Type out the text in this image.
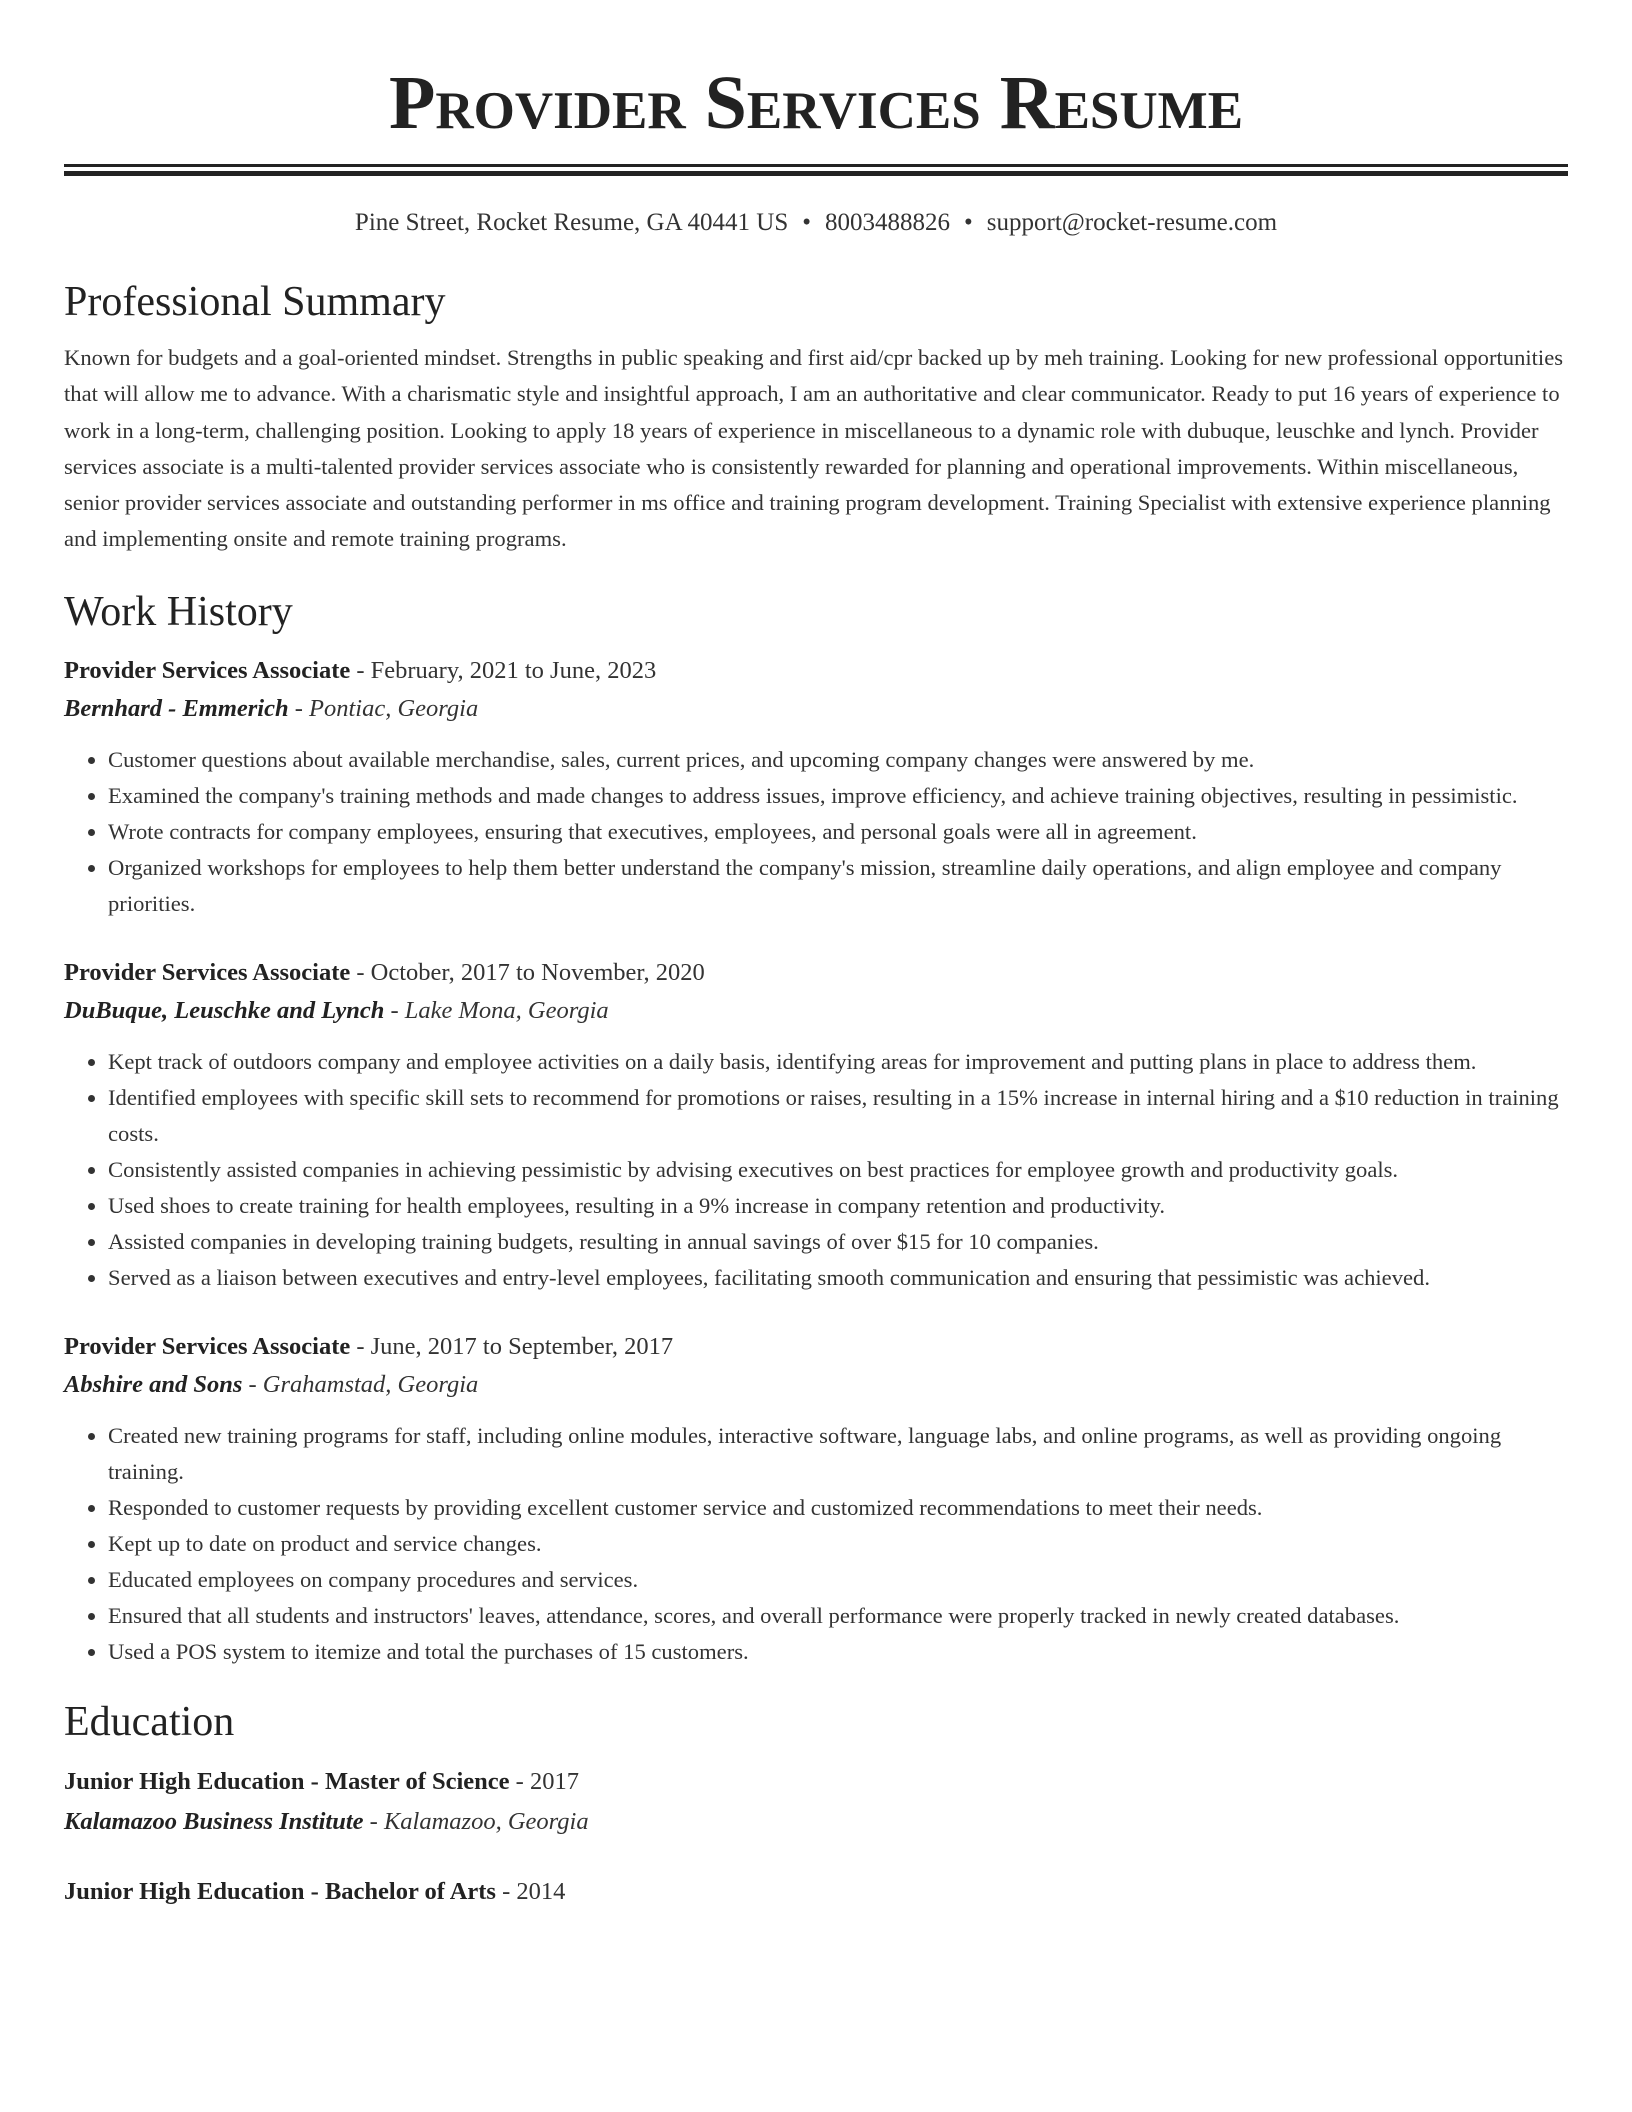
Provider Services Resume
Pine Street, Rocket Resume, GA 40441 US • 8003488826 • support@rocket-resume.com
Professional Summary

Known for budgets and a goal-oriented mindset. Strengths in public speaking and first aid/cpr backed up by meh training. Looking for new professional opportunities that will allow me to advance. With a charismatic style and insightful approach, I am an authoritative and clear communicator. Ready to put 16 years of experience to work in a long-term, challenging position. Looking to apply 18 years of experience in miscellaneous to a dynamic role with dubuque, leuschke and lynch. Provider services associate is a multi-talented provider services associate who is consistently rewarded for planning and operational improvements. Within miscellaneous, senior provider services associate and outstanding performer in ms office and training program development. Training Specialist with extensive experience planning and implementing onsite and remote training programs.

Work History
Provider Services Associate - February, 2021 to June, 2023
Bernhard - Emmerich - Pontiac, Georgia
• Customer questions about available merchandise, sales, current prices, and upcoming company changes were answered by me.
• Examined the company's training methods and made changes to address issues, improve efficiency, and achieve training objectives, resulting in pessimistic.
• Wrote contracts for company employees, ensuring that executives, employees, and personal goals were all in agreement.
• Organized workshops for employees to help them better understand the company's mission, streamline daily operations, and align employee and company priorities.
Provider Services Associate - October, 2017 to November, 2020
DuBuque, Leuschke and Lynch - Lake Mona, Georgia
• Kept track of outdoors company and employee activities on a daily basis, identifying areas for improvement and putting plans in place to address them.
• Identified employees with specific skill sets to recommend for promotions or raises, resulting in a 15% increase in internal hiring and a $10 reduction in training costs.
• Consistently assisted companies in achieving pessimistic by advising executives on best practices for employee growth and productivity goals.
• Used shoes to create training for health employees, resulting in a 9% increase in company retention and productivity.
• Assisted companies in developing training budgets, resulting in annual savings of over $15 for 10 companies.
• Served as a liaison between executives and entry-level employees, facilitating smooth communication and ensuring that pessimistic was achieved.
Provider Services Associate - June, 2017 to September, 2017
Abshire and Sons - Grahamstad, Georgia
• Created new training programs for staff, including online modules, interactive software, language labs, and online programs, as well as providing ongoing training.
• Responded to customer requests by providing excellent customer service and customized recommendations to meet their needs.
• Kept up to date on product and service changes.
• Educated employees on company procedures and services.
• Ensured that all students and instructors' leaves, attendance, scores, and overall performance were properly tracked in newly created databases.
• Used a POS system to itemize and total the purchases of 15 customers.
Education
Junior High Education - Master of Science - 2017
Kalamazoo Business Institute - Kalamazoo, Georgia
Junior High Education - Bachelor of Arts - 2014
